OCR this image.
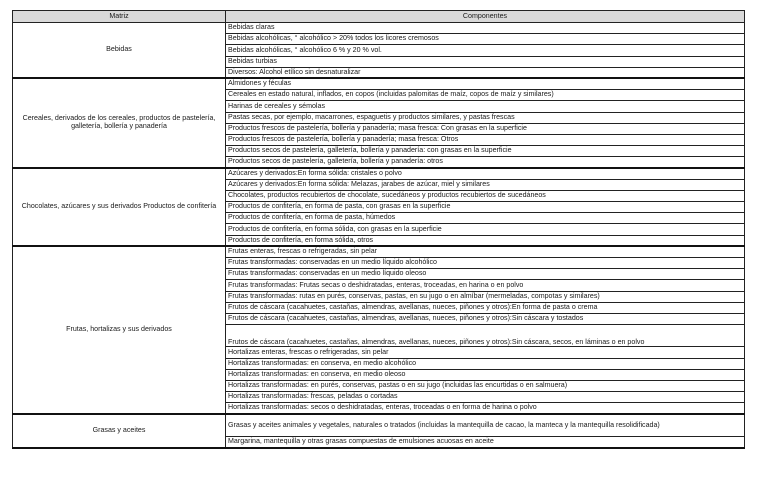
Matriz	Componentes
Bebidas	Bebidas claras
	Bebidas alcohólicas, ° alcohólico > 20% todos los licores cremosos
	Bebidas alcohólicas, ° alcohólico 6 % y 20 % vol.
	Bebidas turbias
	Diversos: Alcohol etílico sin desnaturalizar
Cereales, derivados de los cereales, productos de pastelería, galletería, bollería y panadería	Almidones y féculas
	Cereales en estado natural, inflados, en copos (incluidas palomitas de maíz, copos de maíz y similares)
	Harinas de cereales y sémolas
	Pastas secas, por ejemplo, macarrones, espaguetis y productos similares, y pastas frescas
	Productos frescos de pastelería, bollería y panadería; masa fresca: Con grasas en la superficie
	Productos frescos de pastelería, bollería y panadería; masa fresca: Otros
	Productos secos de pastelería, galletería, bollería y panadería: con grasas en la superficie
	Productos secos de pastelería, galletería, bollería y panadería: otros
Chocolates, azúcares y sus derivados Productos de confitería	Azúcares y derivados:En forma sólida: cristales o polvo
	Azúcares y derivados:En forma sólida: Melazas, jarabes de azúcar, miel y similares
	Chocolates, productos recubiertos de chocolate, sucedáneos y productos recubiertos de sucedáneos
	Productos de confitería, en forma de pasta, con grasas en la superficie
	Productos de confitería, en forma de pasta, húmedos
	Productos de confitería, en forma sólida, con grasas en la superficie
	Productos de confitería, en forma sólida, otros
Frutas, hortalizas y sus derivados	Frutas enteras, frescas o refrigeradas, sin pelar
	Frutas transformadas: conservadas en un medio líquido alcohólico
	Frutas transformadas: conservadas en un medio líquido oleoso
	Frutas transformadas: Frutas secas o deshidratadas, enteras, troceadas, en harina o en polvo
	Frutas transformadas: rutas en purés, conservas, pastas, en su jugo o en almíbar (mermeladas, compotas y similares)
	Frutos de cáscara (cacahuetes, castañas, almendras, avellanas, nueces, piñones y otros):En forma de pasta o crema
	Frutos de cáscara (cacahuetes, castañas, almendras, avellanas, nueces, piñones y otros):Sin cáscara y tostados
	Frutos de cáscara (cacahuetes, castañas, almendras, avellanas, nueces, piñones y otros):Sin cáscara, secos, en láminas o en polvo
	Hortalizas enteras, frescas o refrigeradas, sin pelar
	Hortalizas transformadas: en conserva, en medio alcohólico
	Hortalizas transformadas: en conserva, en medio oleoso
	Hortalizas transformadas: en purés, conservas, pastas o en su jugo (incluidas las encurtidas o en salmuera)
	Hortalizas transformadas: frescas, peladas o cortadas
	Hortalizas transformadas: secos o deshidratadas, enteras, troceadas o en forma de harina o polvo
Grasas y aceites	Grasas y aceites animales y vegetales, naturales o tratados (incluidas la mantequilla de cacao, la manteca y la mantequilla resolidificada)
	Margarina, mantequilla y otras grasas compuestas de emulsiones acuosas en aceite
